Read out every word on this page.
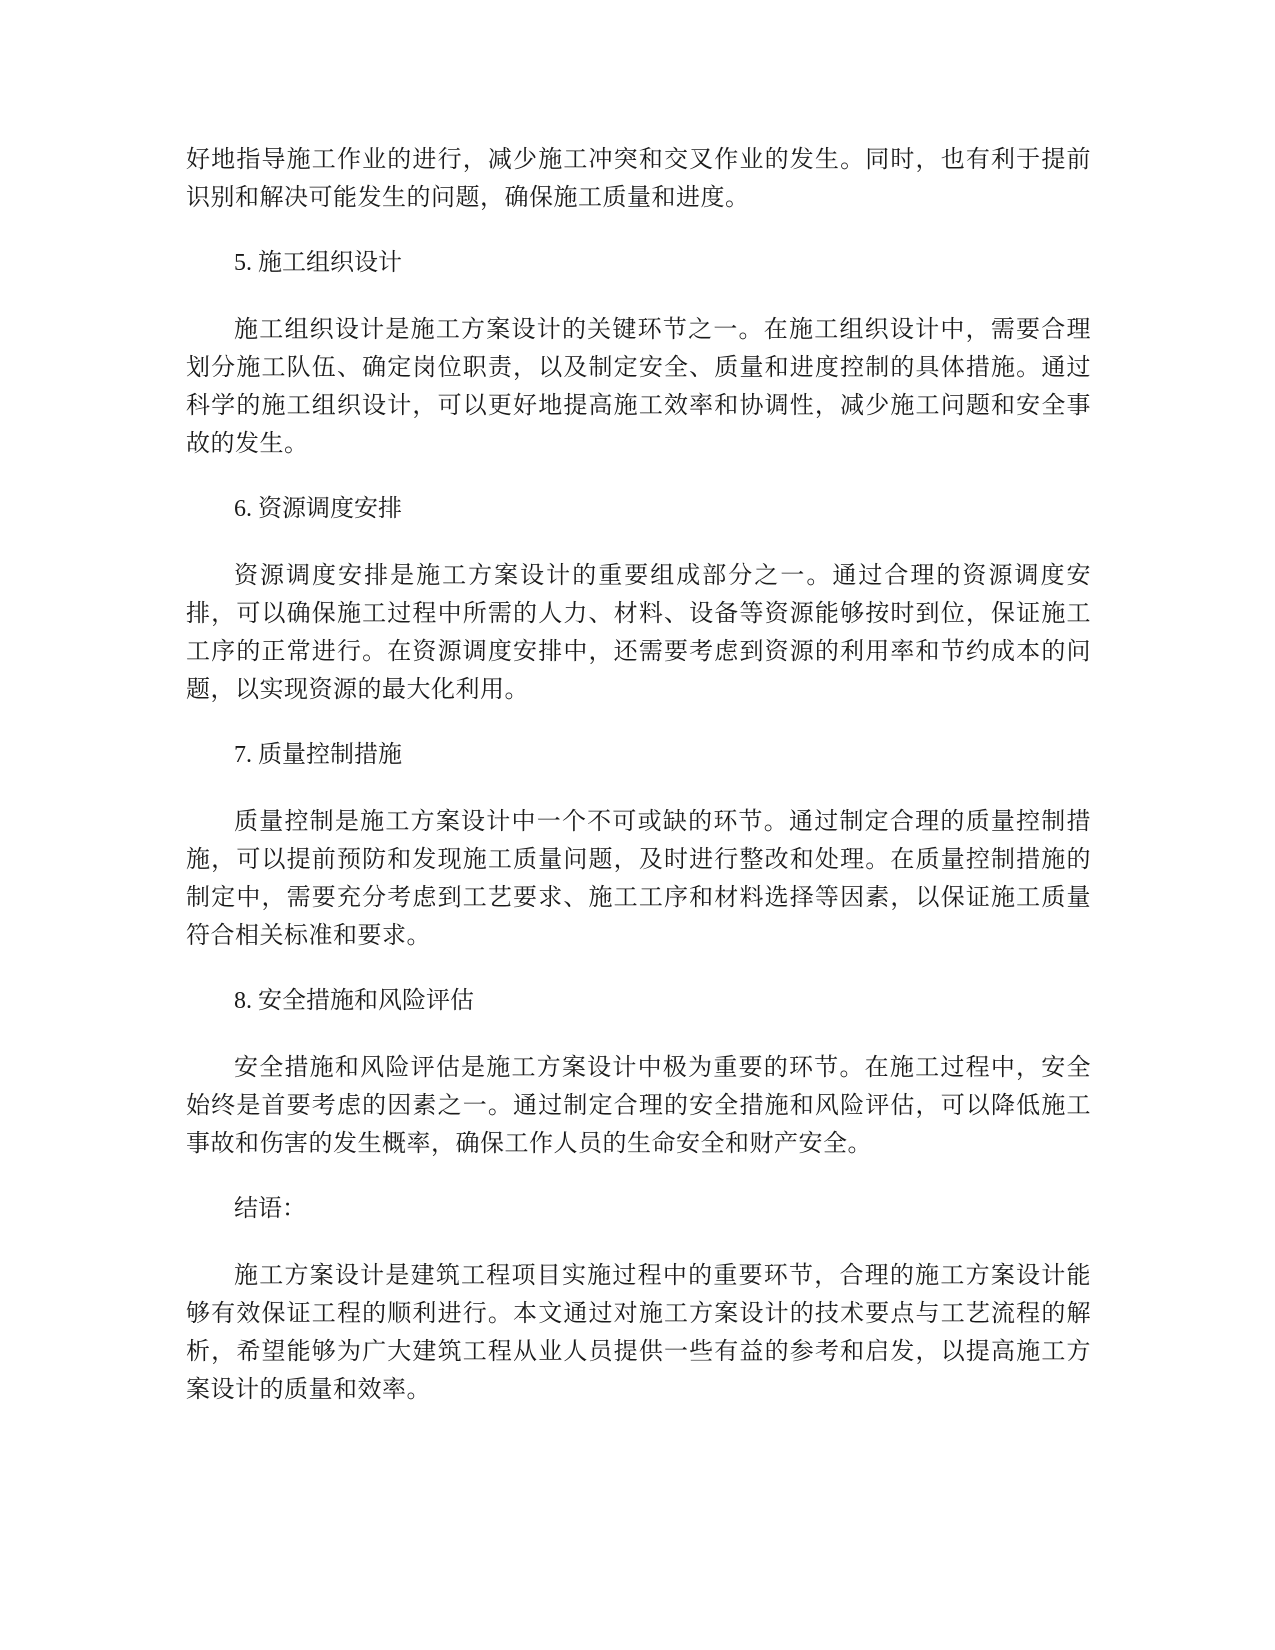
好地指导施工作业的进行，减少施工冲突和交叉作业的发生。同时，也有利于提前识别和解决可能发生的问题，确保施工质量和进度。

5. 施工组织设计

施工组织设计是施工方案设计的关键环节之一。在施工组织设计中，需要合理划分施工队伍、确定岗位职责，以及制定安全、质量和进度控制的具体措施。通过科学的施工组织设计，可以更好地提高施工效率和协调性，减少施工问题和安全事故的发生。

6. 资源调度安排

资源调度安排是施工方案设计的重要组成部分之一。通过合理的资源调度安排，可以确保施工过程中所需的人力、材料、设备等资源能够按时到位，保证施工工序的正常进行。在资源调度安排中，还需要考虑到资源的利用率和节约成本的问题，以实现资源的最大化利用。

7. 质量控制措施

质量控制是施工方案设计中一个不可或缺的环节。通过制定合理的质量控制措施，可以提前预防和发现施工质量问题，及时进行整改和处理。在质量控制措施的制定中，需要充分考虑到工艺要求、施工工序和材料选择等因素，以保证施工质量符合相关标准和要求。

8. 安全措施和风险评估

安全措施和风险评估是施工方案设计中极为重要的环节。在施工过程中，安全始终是首要考虑的因素之一。通过制定合理的安全措施和风险评估，可以降低施工事故和伤害的发生概率，确保工作人员的生命安全和财产安全。

结语：

施工方案设计是建筑工程项目实施过程中的重要环节，合理的施工方案设计能够有效保证工程的顺利进行。本文通过对施工方案设计的技术要点与工艺流程的解析，希望能够为广大建筑工程从业人员提供一些有益的参考和启发，以提高施工方案设计的质量和效率。
